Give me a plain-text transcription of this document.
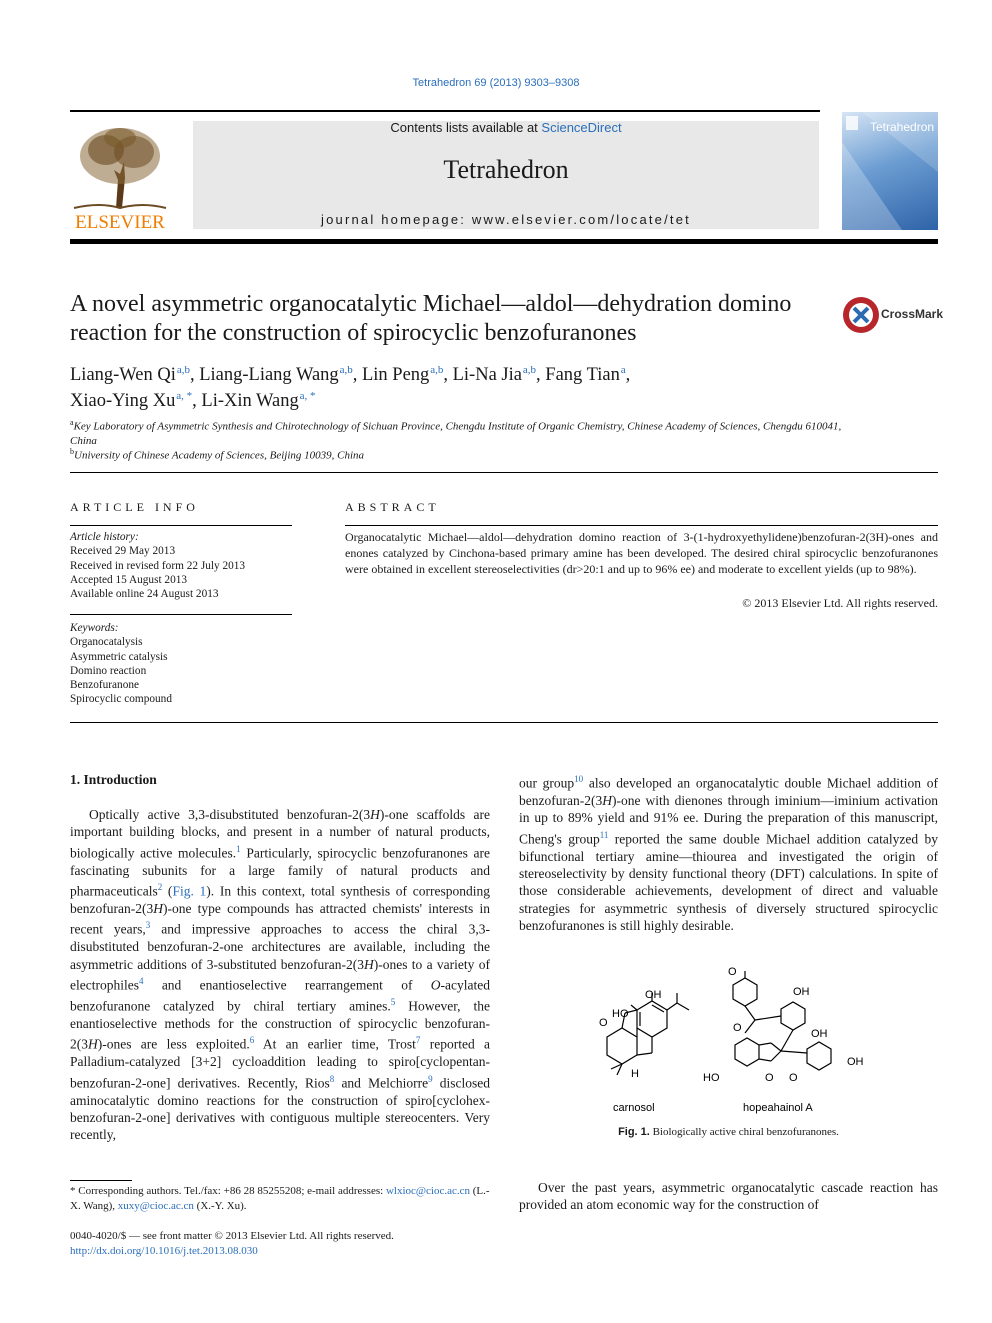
Tetrahedron 69 (2013) 9303–9308
ELSEVIER
Contents lists available at ScienceDirect
Tetrahedron
journal homepage: www.elsevier.com/locate/tet
Tetrahedron
A novel asymmetric organocatalytic Michael—aldol—dehydration domino reaction for the construction of spirocyclic benzofuranones
CrossMark
Liang-Wen Qi $^{a,b}$, Liang-Liang Wang $^{a,b}$, Lin Peng $^{a,b}$, Li-Na Jia $^{a,b}$, Fang Tian $^a$,
Xiao-Ying Xu $^{a, *}$, Li-Xin Wang $^{a, *}$
$^a$Key Laboratory of Asymmetric Synthesis and Chirotechnology of Sichuan Province, Chengdu Institute of Organic Chemistry, Chinese Academy of Sciences, Chengdu 610041, China
$^b$University of Chinese Academy of Sciences, Beijing 10039, China
ARTICLE INFO
Article history:
Received 29 May 2013
Received in revised form 22 July 2013
Accepted 15 August 2013
Available online 24 August 2013
Keywords:
Organocatalysis
Asymmetric catalysis
Domino reaction
Benzofuranone
Spirocyclic compound
ABSTRACT
Organocatalytic Michael—aldol—dehydration domino reaction of 3-(1-hydroxyethylidene)benzofuran-2(3H)-ones and enones catalyzed by Cinchona-based primary amine has been developed. The desired chiral spirocyclic benzofuranones were obtained in excellent stereoselectivities (dr>20:1 and up to 96% ee) and moderate to excellent yields (up to 98%).
© 2013 Elsevier Ltd. All rights reserved.
1. Introduction

Optically active 3,3-disubstituted benzofuran-2(3H)-one scaffolds are important building blocks, and present in a number of natural products, biologically active molecules.$^1$ Particularly, spirocyclic benzofuranones are fascinating subunits for a large family of natural products and pharmaceuticals$^2$ (Fig. 1). In this context, total synthesis of corresponding benzofuran-2(3H)-one type compounds has attracted chemists' interests in recent years,$^3$ and impressive approaches to access the chiral 3,3-disubstituted benzofuran-2-one architectures are available, including the asymmetric additions of 3-substituted benzofuran-2(3H)-ones to a variety of electrophiles$^4$ and enantioselective rearrangement of O-acylated benzofuranone catalyzed by chiral tertiary amines.$^5$ However, the enantioselective methods for the construction of spirocyclic benzofuran-2(3H)-ones are less exploited.$^6$ At an earlier time, Trost$^7$ reported a Palladium-catalyzed [3+2] cycloaddition leading to spiro[cyclopentan-benzofuran-2-one] derivatives. Recently, Rios$^8$ and Melchiorre$^9$ disclosed aminocatalytic domino reactions for the construction of spiro[cyclohex-benzofuran-2-one] derivatives with contiguous multiple stereocenters. Very recently,

our group$^{10}$ also developed an organocatalytic double Michael addition of benzofuran-2(3H)-one with dienones through iminium—iminium activation in up to 89% yield and 91% ee. During the preparation of this manuscript, Cheng's group$^{11}$ reported the same double Michael addition catalyzed by bifunctional tertiary amine—thiourea and investigated the origin of stereoselectivity by density functional theory (DFT) calculations. In spite of those considerable achievements, development of direct and valuable strategies for asymmetric synthesis of diversely structured spirocyclic benzofuranones is still highly desirable.

HO
OH
O
H
carnosol
O
OH
OH
O
HO	O O
OH
hopeahainol A
Fig. 1. Biologically active chiral benzofuranones.

Over the past years, asymmetric organocatalytic cascade reaction has provided an atom economic way for the construction of

* Corresponding authors. Tel./fax: +86 28 85255208; e-mail addresses: wlxioc@cioc.ac.cn (L.-X. Wang), xuxy@cioc.ac.cn (X.-Y. Xu).
0040-4020/$ — see front matter © 2013 Elsevier Ltd. All rights reserved.
http://dx.doi.org/10.1016/j.tet.2013.08.030
